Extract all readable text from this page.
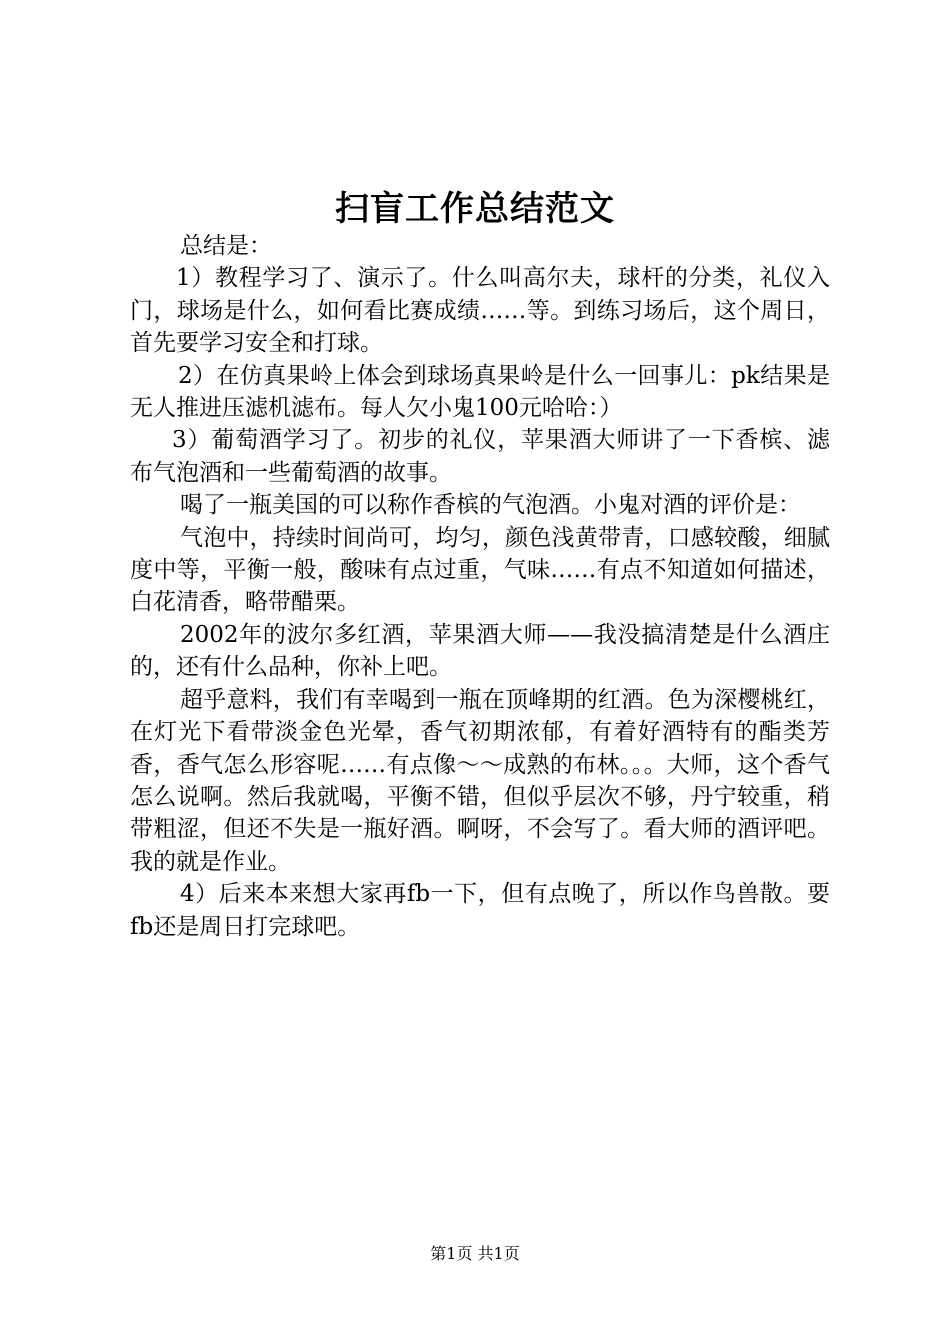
扫盲工作总结范文

总结是：

1）教程学习了、演示了。什么叫高尔夫，球杆的分类，礼仪入门，球场是什么，如何看比赛成绩……等。到练习场后，这个周日，首先要学习安全和打球。

2）在仿真果岭上体会到球场真果岭是什么一回事儿：pk结果是无人推进压滤机滤布。每人欠小鬼100元哈哈：）

3）葡萄酒学习了。初步的礼仪，苹果酒大师讲了一下香槟、滤布气泡酒和一些葡萄酒的故事。

喝了一瓶美国的可以称作香槟的气泡酒。小鬼对酒的评价是：

气泡中，持续时间尚可，均匀，颜色浅黄带青，口感较酸，细腻度中等，平衡一般，酸味有点过重，气味……有点不知道如何描述，白花清香，略带醋栗。

2002年的波尔多红酒，苹果酒大师——我没搞清楚是什么酒庄的，还有什么品种，你补上吧。

超乎意料，我们有幸喝到一瓶在顶峰期的红酒。色为深樱桃红，在灯光下看带淡金色光晕，香气初期浓郁，有着好酒特有的酯类芳香，香气怎么形容呢……有点像～～成熟的布林。。。大师，这个香气怎么说啊。然后我就喝，平衡不错，但似乎层次不够，丹宁较重，稍带粗涩，但还不失是一瓶好酒。啊呀，不会写了。看大师的酒评吧。我的就是作业。

4）后来本来想大家再fb一下，但有点晚了，所以作鸟兽散。要fb还是周日打完球吧。

第1页 共1页
